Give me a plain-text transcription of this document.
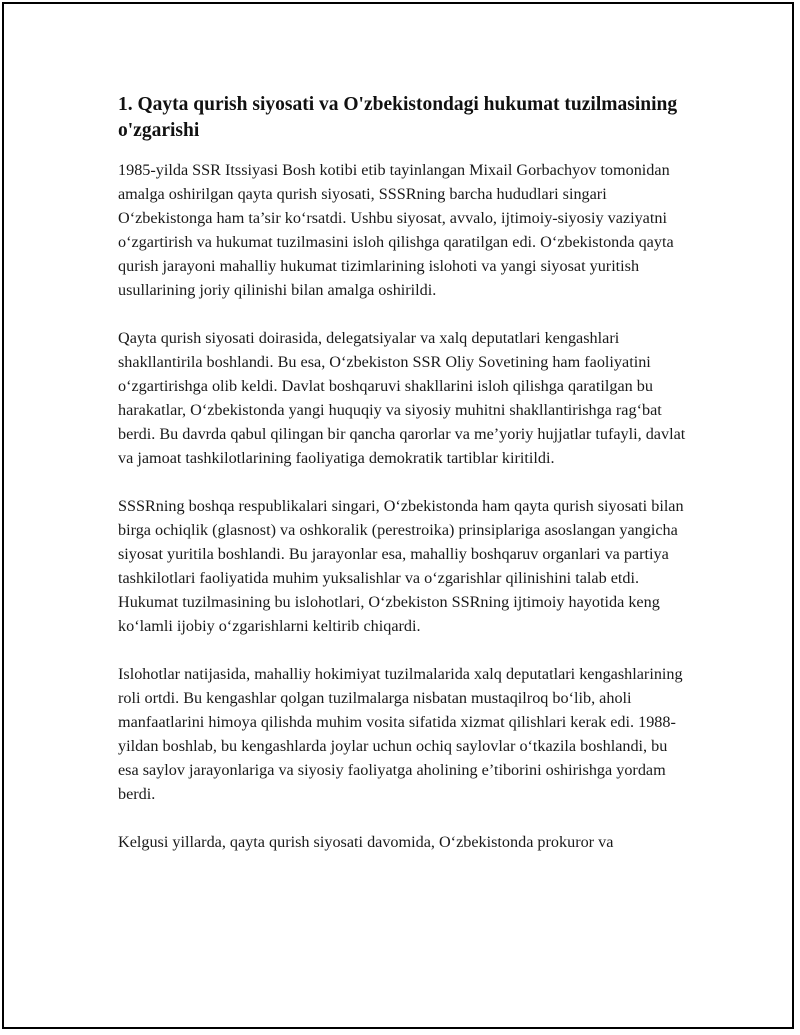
1. Qayta qurish siyosati va O'zbekistondagi hukumat tuzilmasining o'zgarishi

1985-yilda SSR Itssiyasi Bosh kotibi etib tayinlangan Mixail Gorbachyov tomonidan amalga oshirilgan qayta qurish siyosati, SSSRning barcha hududlari singari O‘zbekistonga ham ta’sir ko‘rsatdi. Ushbu siyosat, avvalo, ijtimoiy-siyosiy vaziyatni o‘zgartirish va hukumat tuzilmasini isloh qilishga qaratilgan edi. O‘zbekistonda qayta qurish jarayoni mahalliy hukumat tizimlarining islohoti va yangi siyosat yuritish usullarining joriy qilinishi bilan amalga oshirildi.

Qayta qurish siyosati doirasida, delegatsiyalar va xalq deputatlari kengashlari shakllantirila boshlandi. Bu esa, O‘zbekiston SSR Oliy Sovetining ham faoliyatini o‘zgartirishga olib keldi. Davlat boshqaruvi shakllarini isloh qilishga qaratilgan bu harakatlar, O‘zbekistonda yangi huquqiy va siyosiy muhitni shakllantirishga rag‘bat berdi. Bu davrda qabul qilingan bir qancha qarorlar va me’yoriy hujjatlar tufayli, davlat va jamoat tashkilotlarining faoliyatiga demokratik tartiblar kiritildi.

SSSRning boshqa respublikalari singari, O‘zbekistonda ham qayta qurish siyosati bilan birga ochiqlik (glasnost) va oshkoralik (perestroika) prinsiplariga asoslangan yangicha siyosat yuritila boshlandi. Bu jarayonlar esa, mahalliy boshqaruv organlari va partiya tashkilotlari faoliyatida muhim yuksalishlar va o‘zgarishlar qilinishini talab etdi. Hukumat tuzilmasining bu islohotlari, O‘zbekiston SSRning ijtimoiy hayotida keng ko‘lamli ijobiy o‘zgarishlarni keltirib chiqardi.

Islohotlar natijasida, mahalliy hokimiyat tuzilmalarida xalq deputatlari kengashlarining roli ortdi. Bu kengashlar qolgan tuzilmalarga nisbatan mustaqilroq bo‘lib, aholi manfaatlarini himoya qilishda muhim vosita sifatida xizmat qilishlari kerak edi. 1988-yildan boshlab, bu kengashlarda joylar uchun ochiq saylovlar o‘tkazila boshlandi, bu esa saylov jarayonlariga va siyosiy faoliyatga aholining e’tiborini oshirishga yordam berdi.

Kelgusi yillarda, qayta qurish siyosati davomida, O‘zbekistonda prokuror va
